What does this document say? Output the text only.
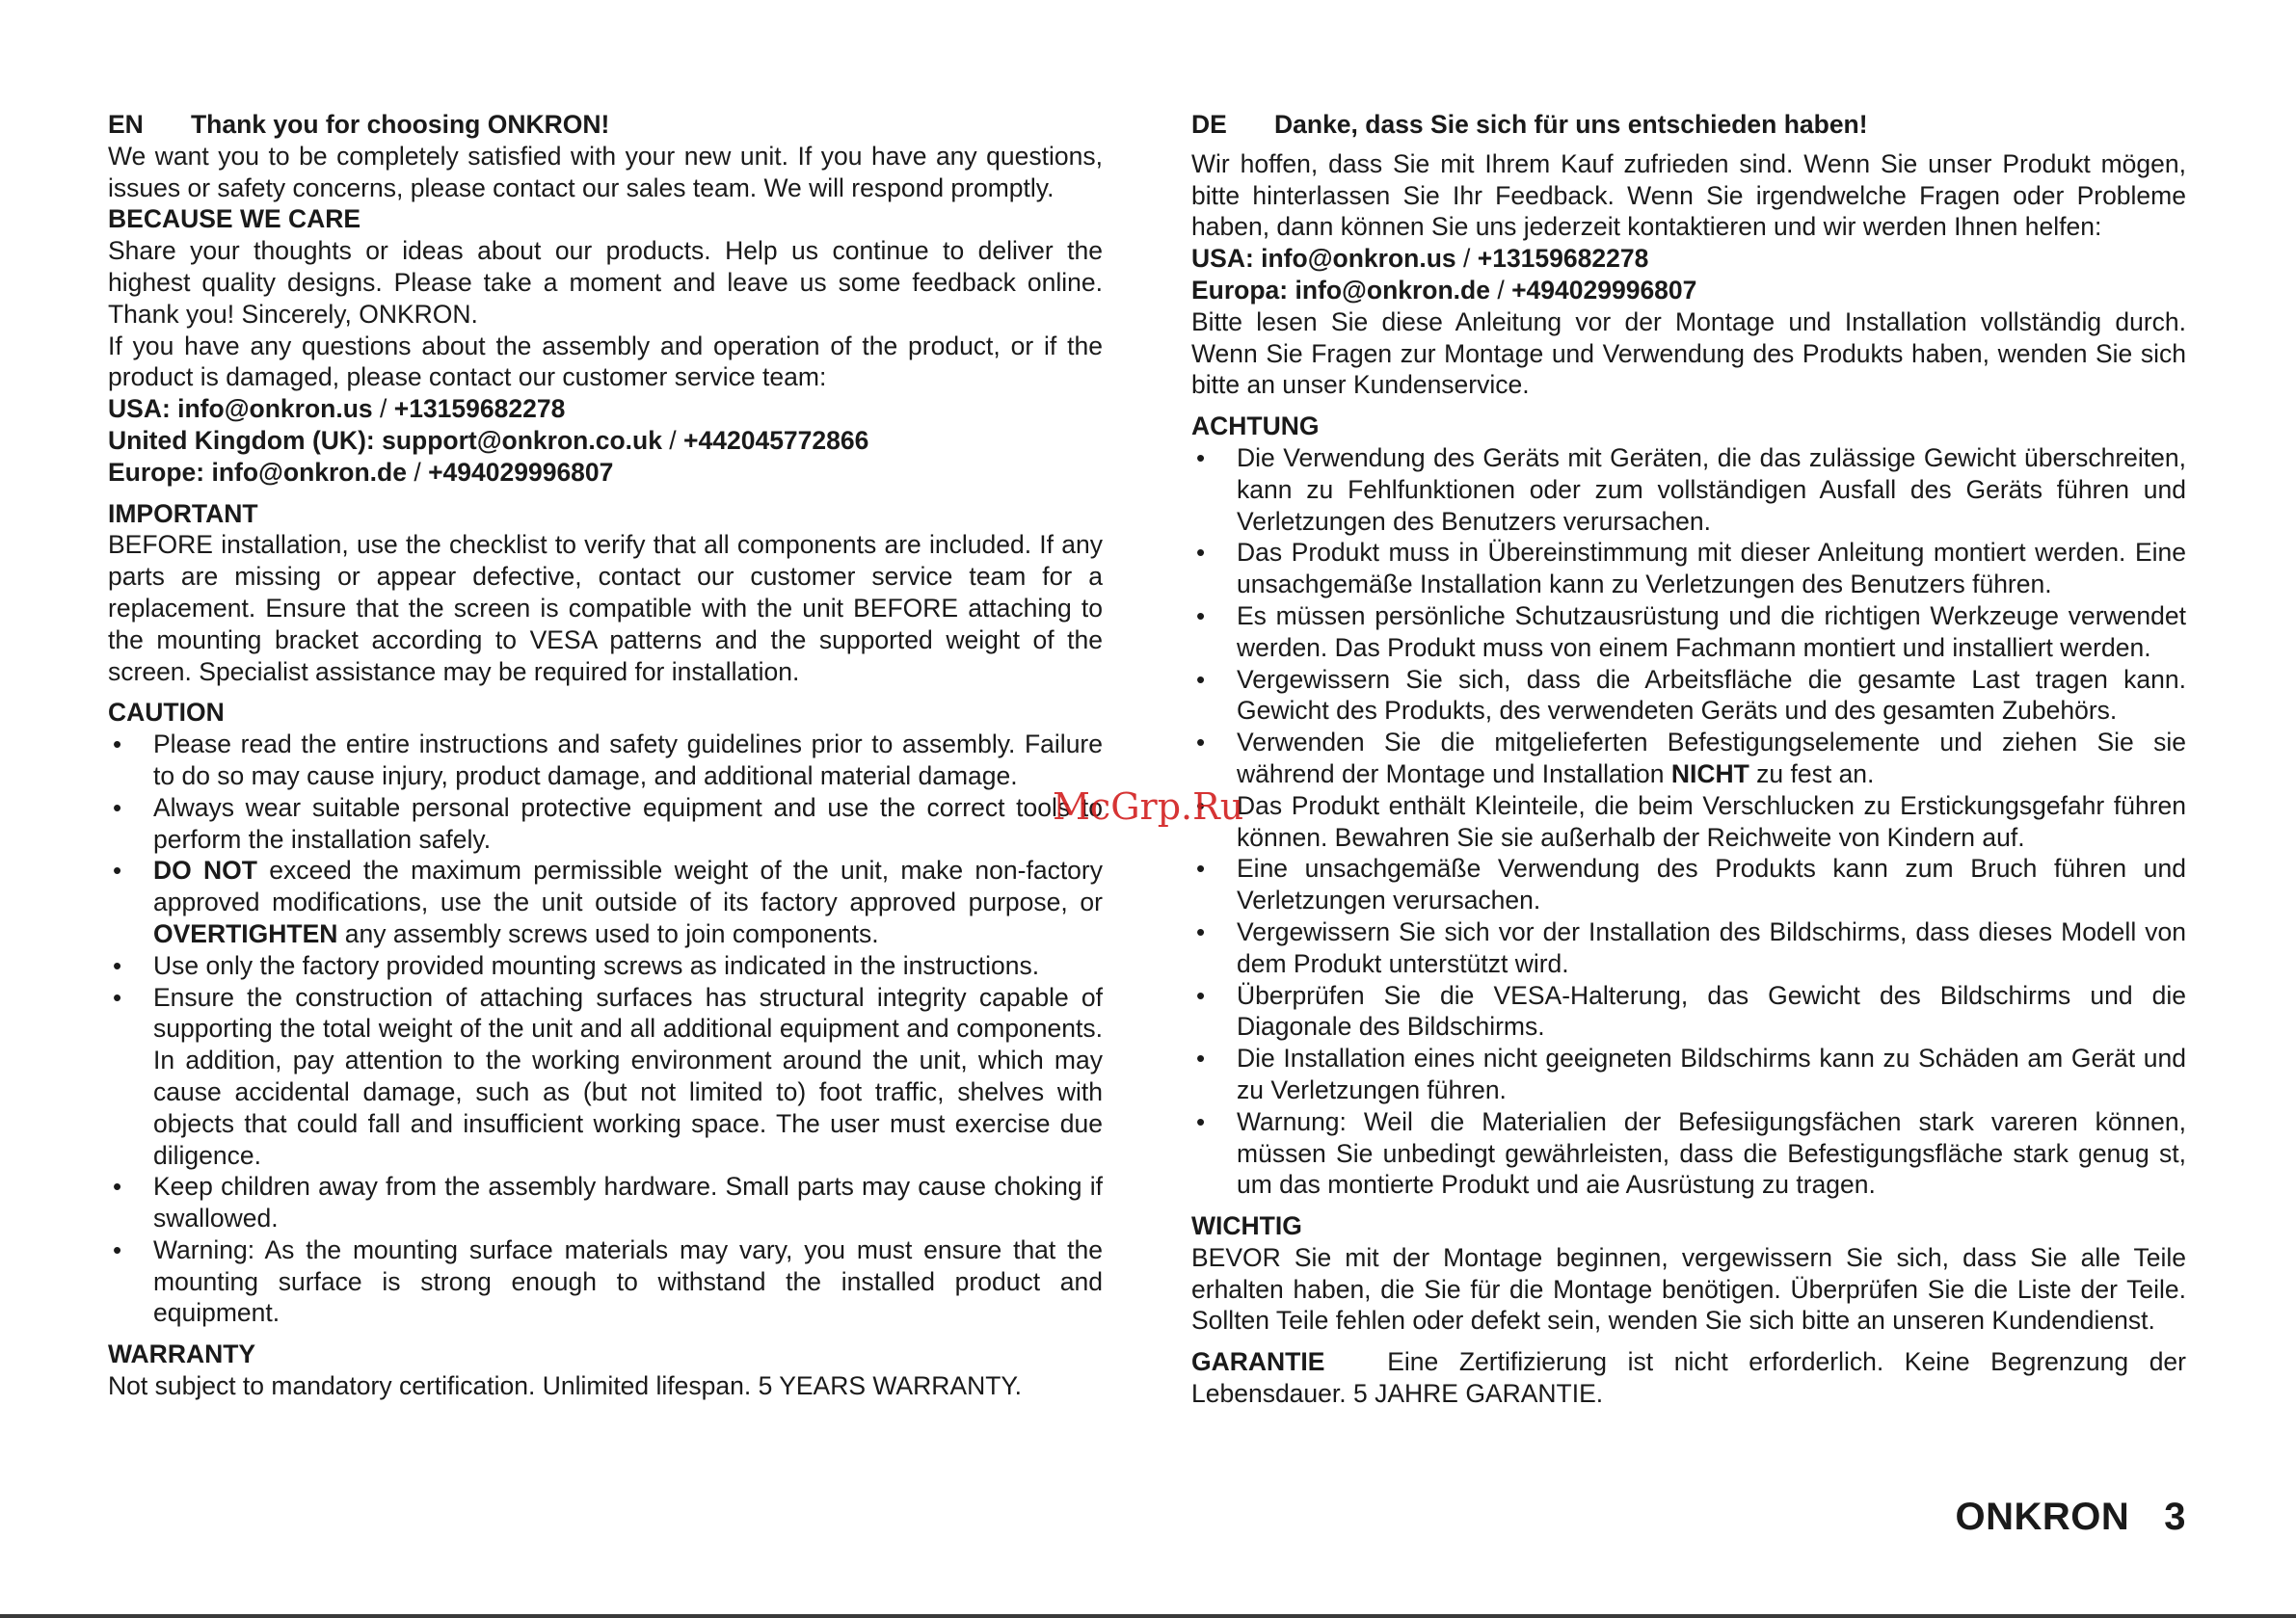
EN Thank you for choosing ONKRON!

We want you to be completely satisfied with your new unit. If you have any questions, issues or safety concerns, please contact our sales team. We will respond promptly.

BECAUSE WE CARE

Share your thoughts or ideas about our products. Help us continue to deliver the highest quality designs. Please take a moment and leave us some feedback online. Thank you! Sincerely, ONKRON.

If you have any questions about the assembly and operation of the product, or if the product is damaged, please contact our customer service team:

USA: info@onkron.us / +13159682278

United Kingdom (UK): support@onkron.co.uk / +442045772866

Europe: info@onkron.de / +494029996807

IMPORTANT

BEFORE installation, use the checklist to verify that all components are included. If any parts are missing or appear defective, contact our customer service team for a replacement. Ensure that the screen is compatible with the unit BEFORE attaching to the mounting bracket according to VESA patterns and the supported weight of the screen. Specialist assistance may be required for installation.

CAUTION

• Please read the entire instructions and safety guidelines prior to assembly. Failure to do so may cause injury, product damage, and additional material damage.
• Always wear suitable personal protective equipment and use the correct tools to perform the installation safely.
• DO NOT exceed the maximum permissible weight of the unit, make non-factory approved modifications, use the unit outside of its factory approved purpose, or OVERTIGHTEN any assembly screws used to join components.
• Use only the factory provided mounting screws as indicated in the instructions.
• Ensure the construction of attaching surfaces has structural integrity capable of supporting the total weight of the unit and all additional equipment and components. In addition, pay attention to the working environment around the unit, which may cause accidental damage, such as (but not limited to) foot traffic, shelves with objects that could fall and insufficient working space. The user must exercise due diligence.
• Keep children away from the assembly hardware. Small parts may cause choking if swallowed.
• Warning: As the mounting surface materials may vary, you must ensure that the mounting surface is strong enough to withstand the installed product and equipment.

WARRANTY

Not subject to mandatory certification. Unlimited lifespan. 5 YEARS WARRANTY.

DE Danke, dass Sie sich für uns entschieden haben!

Wir hoffen, dass Sie mit Ihrem Kauf zufrieden sind. Wenn Sie unser Produkt mögen, bitte hinterlassen Sie Ihr Feedback. Wenn Sie irgendwelche Fragen oder Probleme haben, dann können Sie uns jederzeit kontaktieren und wir werden Ihnen helfen:

USA: info@onkron.us / +13159682278

Europa: info@onkron.de / +494029996807

Bitte lesen Sie diese Anleitung vor der Montage und Installation vollständig durch. Wenn Sie Fragen zur Montage und Verwendung des Produkts haben, wenden Sie sich bitte an unser Kundenservice.

ACHTUNG

• Die Verwendung des Geräts mit Geräten, die das zulässige Gewicht überschreiten, kann zu Fehlfunktionen oder zum vollständigen Ausfall des Geräts führen und Verletzungen des Benutzers verursachen.
• Das Produkt muss in Übereinstimmung mit dieser Anleitung montiert werden. Eine unsachgemäße Installation kann zu Verletzungen des Benutzers führen.
• Es müssen persönliche Schutzausrüstung und die richtigen Werkzeuge verwendet werden. Das Produkt muss von einem Fachmann montiert und installiert werden.
• Vergewissern Sie sich, dass die Arbeitsfläche die gesamte Last tragen kann. Gewicht des Produkts, des verwendeten Geräts und des gesamten Zubehörs.
• Verwenden Sie die mitgelieferten Befestigungselemente und ziehen Sie sie während der Montage und Installation NICHT zu fest an.
• Das Produkt enthält Kleinteile, die beim Verschlucken zu Erstickungsgefahr führen können. Bewahren Sie sie außerhalb der Reichweite von Kindern auf.
• Eine unsachgemäße Verwendung des Produkts kann zum Bruch führen und Verletzungen verursachen.
• Vergewissern Sie sich vor der Installation des Bildschirms, dass dieses Modell von dem Produkt unterstützt wird.
• Überprüfen Sie die VESA-Halterung, das Gewicht des Bildschirms und die Diagonale des Bildschirms.
• Die Installation eines nicht geeigneten Bildschirms kann zu Schäden am Gerät und zu Verletzungen führen.
• Warnung: Weil die Materialien der Befesiigungsfächen stark vareren können, müssen Sie unbedingt gewährleisten, dass die Befestigungsfläche stark genug st, um das montierte Produkt und aie Ausrüstung zu tragen.

WICHTIG

BEVOR Sie mit der Montage beginnen, vergewissern Sie sich, dass Sie alle Teile erhalten haben, die Sie für die Montage benötigen. Überprüfen Sie die Liste der Teile. Sollten Teile fehlen oder defekt sein, wenden Sie sich bitte an unseren Kundendienst.

GARANTIE Eine Zertifizierung ist nicht erforderlich. Keine Begrenzung der Lebensdauer. 5 JAHRE GARANTIE.

McGrp.Ru
ONKRON 3
